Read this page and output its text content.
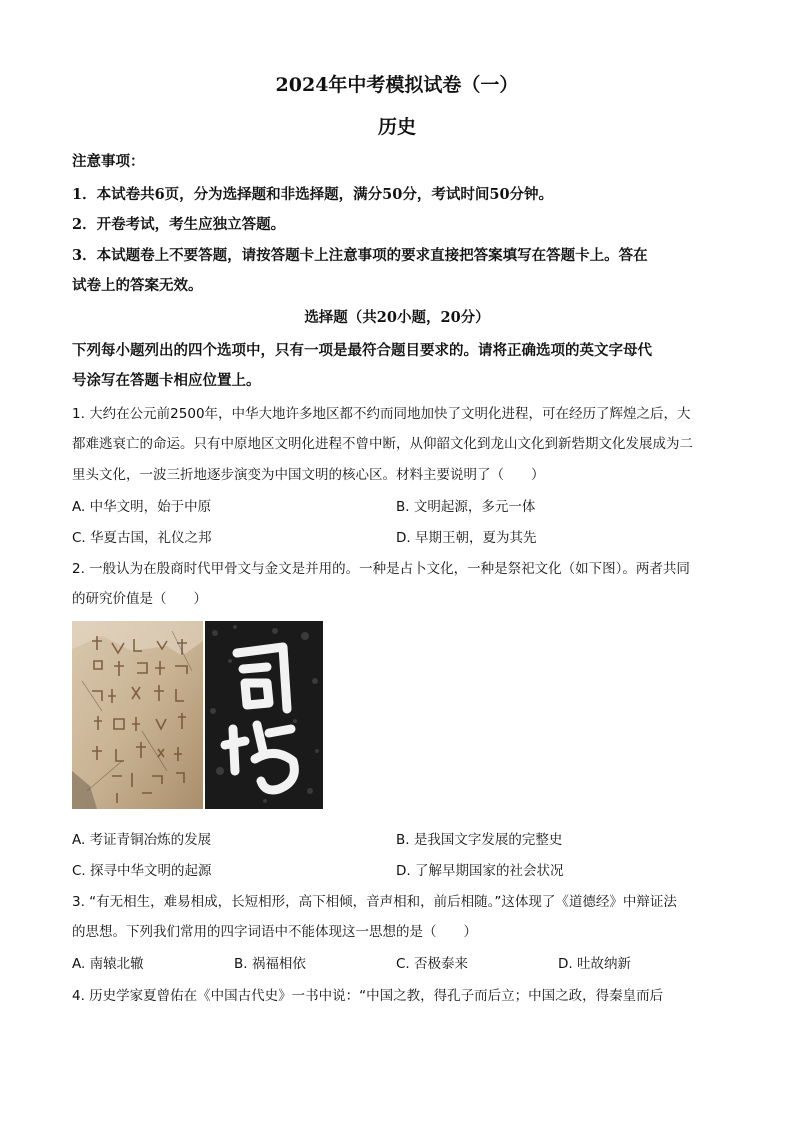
2024年中考模拟试卷（一）
历史
注意事项：
1．本试卷共6页，分为选择题和非选择题，满分50分，考试时间50分钟。
2．开卷考试，考生应独立答题。
3．本试题卷上不要答题，请按答题卡上注意事项的要求直接把答案填写在答题卡上。答在
试卷上的答案无效。
选择题（共20小题，20分）
下列每小题列出的四个选项中，只有一项是最符合题目要求的。请将正确选项的英文字母代
号涂写在答题卡相应位置上。
1. 大约在公元前2500年，中华大地许多地区都不约而同地加快了文明化进程，可在经历了辉煌之后，大
都难逃衰亡的命运。只有中原地区文明化进程不曾中断，从仰韶文化到龙山文化到新砦期文化发展成为二
里头文化，一波三折地逐步演变为中国文明的核心区。材料主要说明了（　　）
A. 中华文明，始于中原	B. 文明起源，多元一体
C. 华夏古国，礼仪之邦	D. 早期王朝，夏为其先
2. 一般认为在殷商时代甲骨文与金文是并用的。一种是占卜文化，一种是祭祀文化（如下图）。两者共同
的研究价值是（　　）
A. 考证青铜冶炼的发展	B. 是我国文字发展的完整史
C. 探寻中华文明的起源	D. 了解早期国家的社会状况
3. “有无相生，难易相成，长短相形，高下相倾，音声相和，前后相随。”这体现了《道德经》中辩证法
的思想。下列我们常用的四字词语中不能体现这一思想的是（　　）
A. 南辕北辙	B. 祸福相依	C. 否极泰来	D. 吐故纳新
4. 历史学家夏曾佑在《中国古代史》一书中说：“中国之教，得孔子而后立；中国之政，得秦皇而后
